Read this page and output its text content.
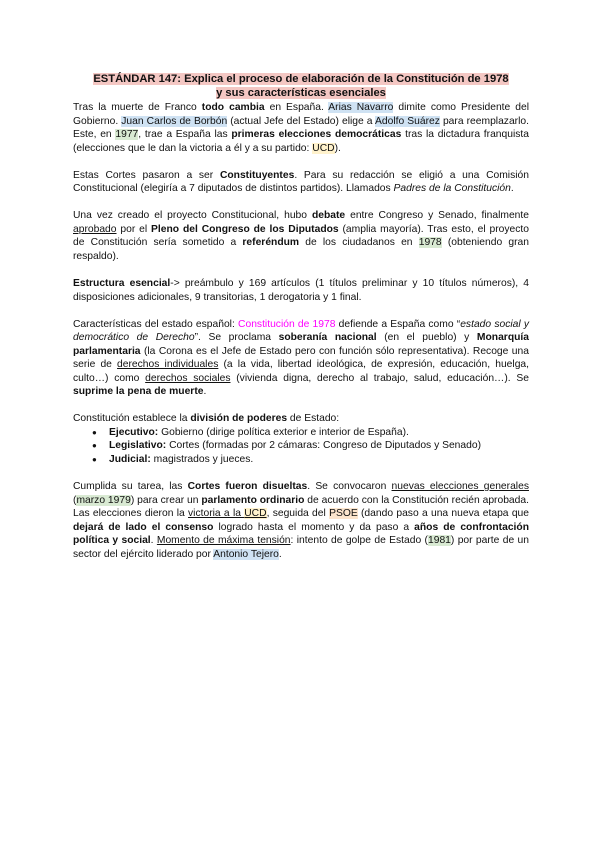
ESTÁNDAR 147: Explica el proceso de elaboración de la Constitución de 1978
y sus características esenciales

Tras la muerte de Franco todo cambia en España. Arias Navarro dimite como Presidente del Gobierno. Juan Carlos de Borbón (actual Jefe del Estado) elige a Adolfo Suárez para reemplazarlo. Este, en 1977, trae a España las primeras elecciones democráticas tras la dictadura franquista (elecciones que le dan la victoria a él y a su partido: UCD).

Estas Cortes pasaron a ser Constituyentes. Para su redacción se eligió a una Comisión Constitucional (elegiría a 7 diputados de distintos partidos). Llamados Padres de la Constitución.

Una vez creado el proyecto Constitucional, hubo debate entre Congreso y Senado, finalmente aprobado por el Pleno del Congreso de los Diputados (amplia mayoría). Tras esto, el proyecto de Constitución sería sometido a referéndum de los ciudadanos en 1978 (obteniendo gran respaldo).

Estructura esencial-> preámbulo y 169 artículos (1 títulos preliminar y 10 títulos números), 4 disposiciones adicionales, 9 transitorias, 1 derogatoria y 1 final.

Características del estado español: Constitución de 1978 defiende a España como “estado social y democrático de Derecho”. Se proclama soberanía nacional (en el pueblo) y Monarquía parlamentaria (la Corona es el Jefe de Estado pero con función sólo representativa). Recoge una serie de derechos individuales (a la vida, libertad ideológica, de expresión, educación, huelga, culto…) como derechos sociales (vivienda digna, derecho al trabajo, salud, educación…). Se suprime la pena de muerte.

Constitución establece la división de poderes de Estado:
● Ejecutivo: Gobierno (dirige política exterior e interior de España).
● Legislativo: Cortes (formadas por 2 cámaras: Congreso de Diputados y Senado)
● Judicial: magistrados y jueces.

Cumplida su tarea, las Cortes fueron disueltas. Se convocaron nuevas elecciones generales (marzo 1979) para crear un parlamento ordinario de acuerdo con la Constitución recién aprobada. Las elecciones dieron la victoria a la UCD, seguida del PSOE (dando paso a una nueva etapa que dejará de lado el consenso logrado hasta el momento y da paso a años de confrontación política y social. Momento de máxima tensión: intento de golpe de Estado (1981) por parte de un sector del ejército liderado por Antonio Tejero.
